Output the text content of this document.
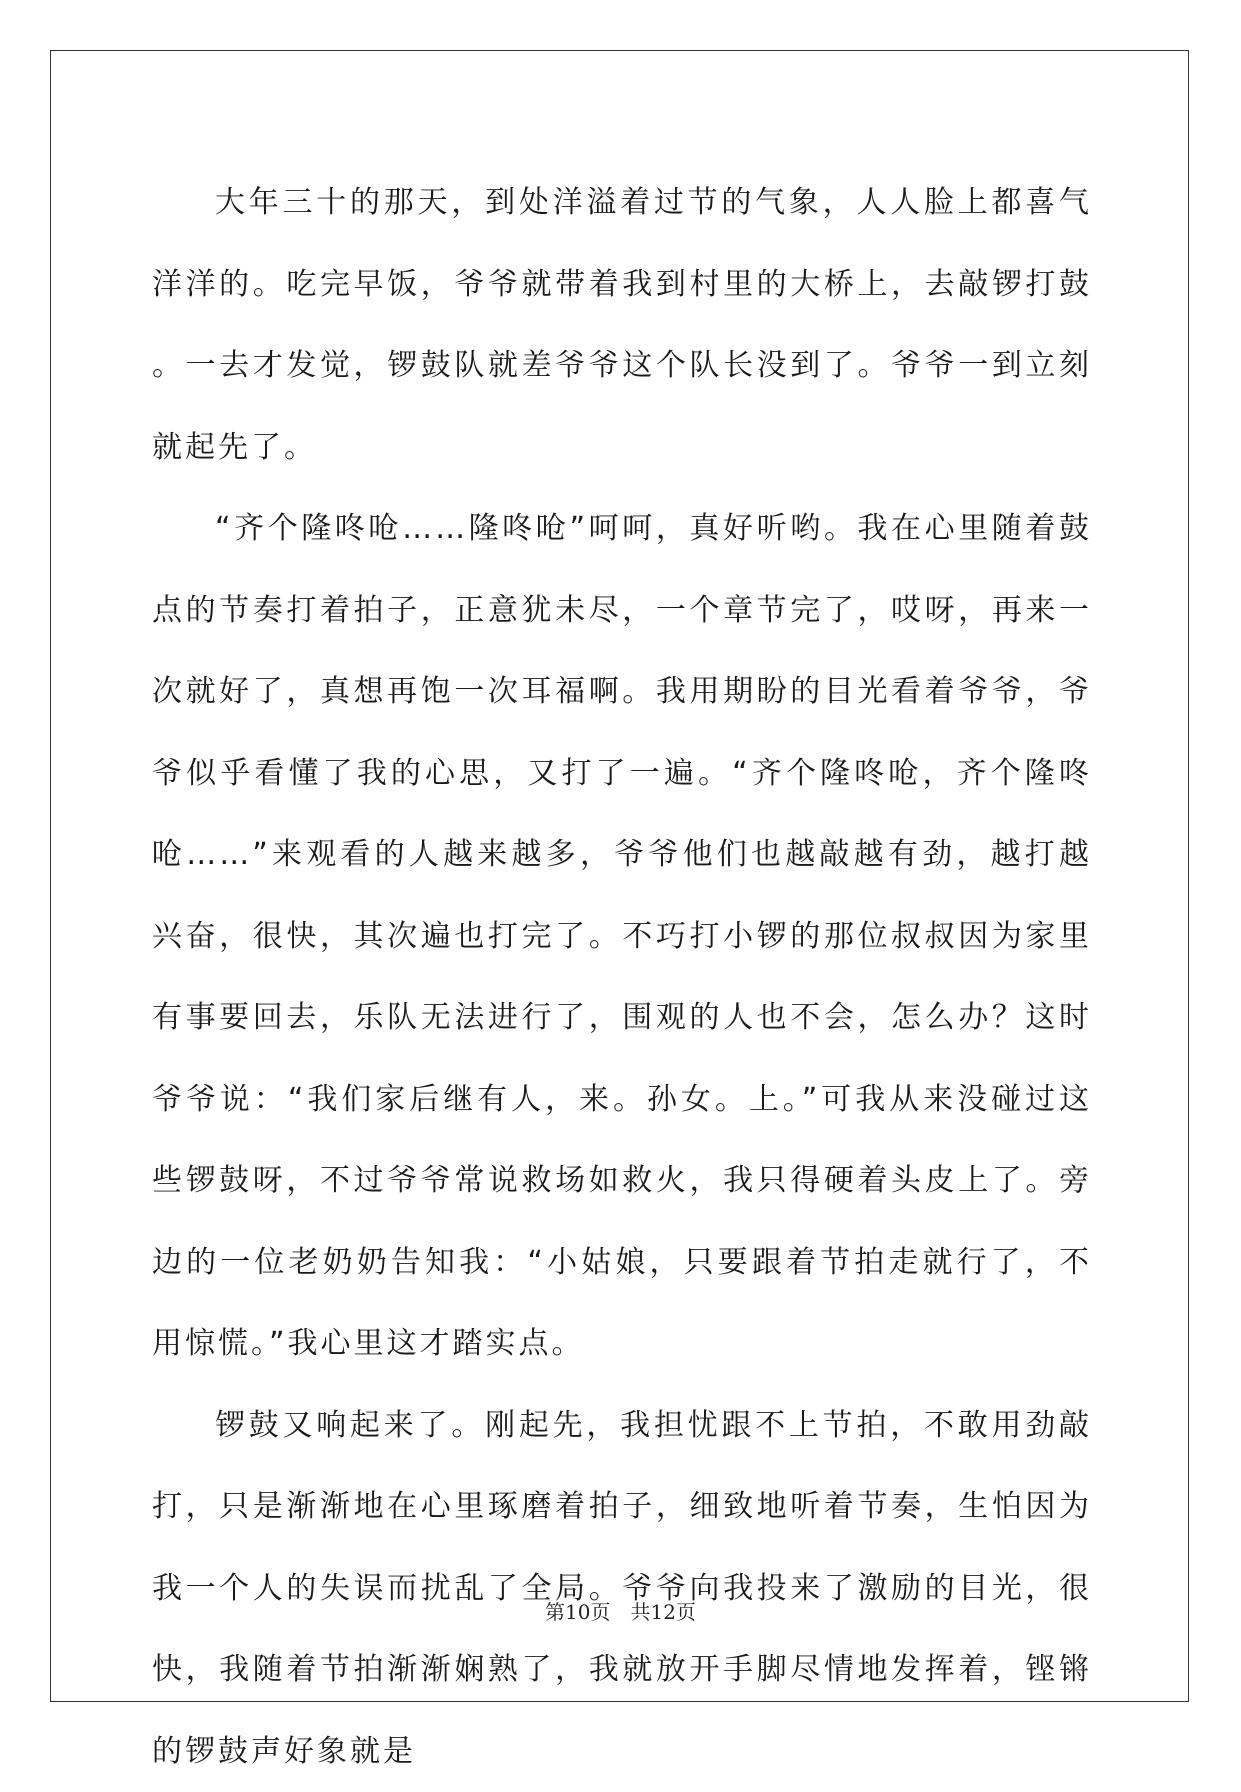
大年三十的那天，到处洋溢着过节的气象，人人脸上都喜气洋洋的。吃完早饭，爷爷就带着我到村里的大桥上，去敲锣打鼓。一去才发觉，锣鼓队就差爷爷这个队长没到了。爷爷一到立刻就起先了。

“齐个隆咚呛……隆咚呛”呵呵，真好听哟。我在心里随着鼓点的节奏打着拍子，正意犹未尽，一个章节完了，哎呀，再来一次就好了，真想再饱一次耳福啊。我用期盼的目光看着爷爷，爷爷似乎看懂了我的心思，又打了一遍。“齐个隆咚呛，齐个隆咚呛……”来观看的人越来越多，爷爷他们也越敲越有劲，越打越兴奋，很快，其次遍也打完了。不巧打小锣的那位叔叔因为家里有事要回去，乐队无法进行了，围观的人也不会，怎么办？这时爷爷说：“我们家后继有人，来。孙女。上。”可我从来没碰过这些锣鼓呀，不过爷爷常说救场如救火，我只得硬着头皮上了。旁边的一位老奶奶告知我：“小姑娘，只要跟着节拍走就行了，不用惊慌。”我心里这才踏实点。

锣鼓又响起来了。刚起先，我担忧跟不上节拍，不敢用劲敲打，只是渐渐地在心里琢磨着拍子，细致地听着节奏，生怕因为我一个人的失误而扰乱了全局。爷爷向我投来了激励的目光，很快，我随着节拍渐渐娴熟了，我就放开手脚尽情地发挥着，铿锵的锣鼓声好象就是

第10页　共12页
